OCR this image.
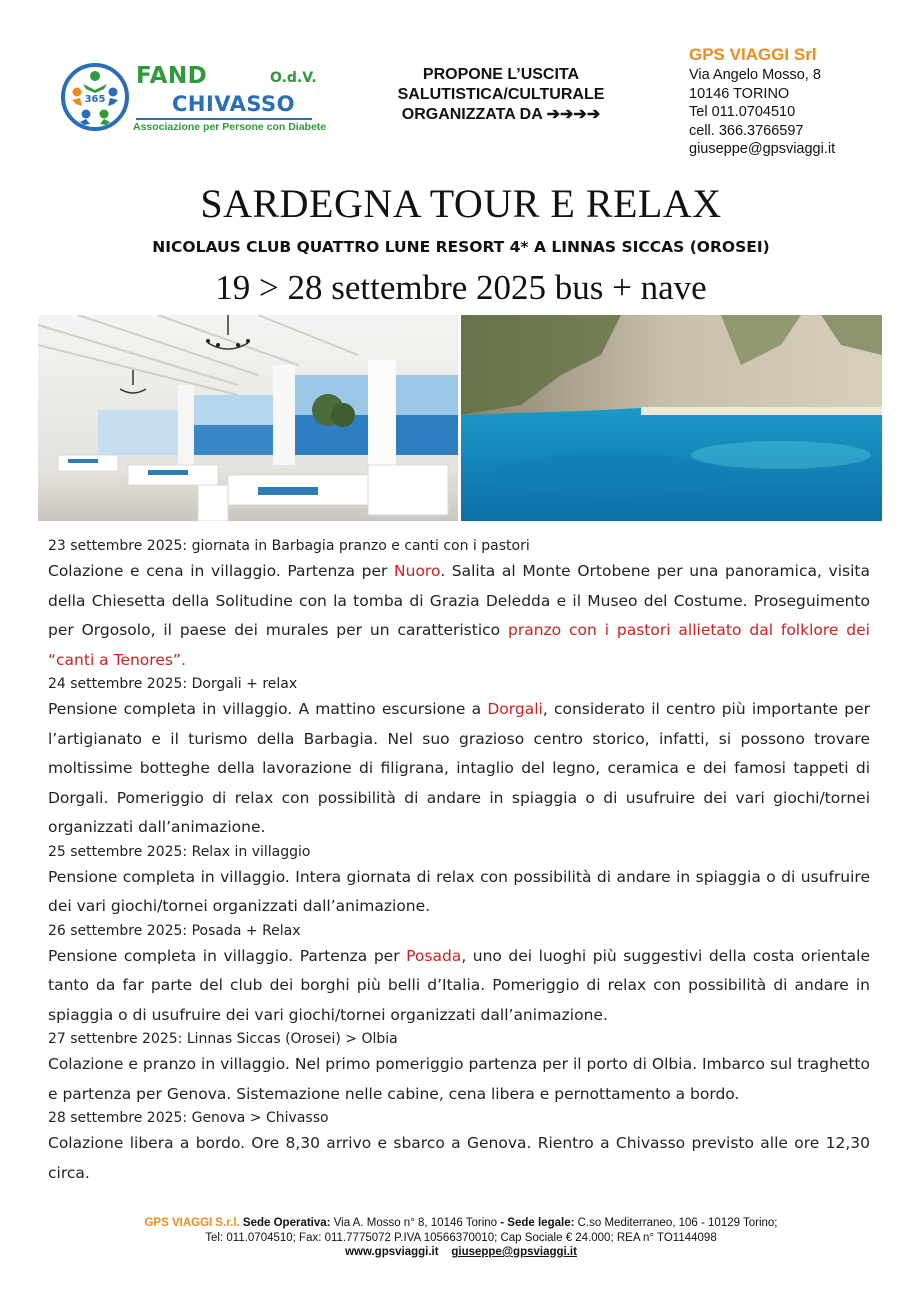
365
FAND	O.d.V.
CHIVASSO
Associazione per Persone con Diabete
PROPONE L’USCITA
SALUTISTICA/CULTURALE
ORGANIZZATA DA ➔➔➔➔
GPS VIAGGI Srl
Via Angelo Mosso, 8
10146 TORINO
Tel 011.0704510
cell. 366.3766597
giuseppe@gpsviaggi.it
SARDEGNA TOUR E RELAX
NICOLAUS CLUB QUATTRO LUNE RESORT 4* A LINNAS SICCAS (OROSEI)
19 > 28 settembre 2025 bus + nave

23 settembre 2025: giornata in Barbagia pranzo e canti con i pastori

Colazione e cena in villaggio. Partenza per Nuoro. Salita al Monte Ortobene per una panoramica, visita della Chiesetta della Solitudine con la tomba di Grazia Deledda e il Museo del Costume. Proseguimento per Orgosolo, il paese dei murales per un caratteristico pranzo con i pastori allietato dal folklore dei “canti a Tenores”.

24 settembre 2025: Dorgali + relax

Pensione completa in villaggio. A mattino escursione a Dorgali, considerato il centro più importante per l’artigianato e il turismo della Barbagia. Nel suo grazioso centro storico, infatti, si possono trovare moltissime botteghe della lavorazione di filigrana, intaglio del legno, ceramica e dei famosi tappeti di Dorgali. Pomeriggio di relax con possibilità di andare in spiaggia o di usufruire dei vari giochi/tornei organizzati dall’animazione.

25 settembre 2025: Relax in villaggio

Pensione completa in villaggio. Intera giornata di relax con possibilità di andare in spiaggia o di usufruire dei vari giochi/tornei organizzati dall’animazione.

26 settembre 2025: Posada + Relax

Pensione completa in villaggio. Partenza per Posada, uno dei luoghi più suggestivi della costa orientale tanto da far parte del club dei borghi più belli d’Italia. Pomeriggio di relax con possibilità di andare in spiaggia o di usufruire dei vari giochi/tornei organizzati dall’animazione.

27 settenbre 2025: Linnas Siccas (Orosei) > Olbia

Colazione e pranzo in villaggio. Nel primo pomeriggio partenza per il porto di Olbia. Imbarco sul traghetto e partenza per Genova. Sistemazione nelle cabine, cena libera e pernottamento a bordo.

28 settembre 2025: Genova > Chivasso

Colazione libera a bordo. Ore 8,30 arrivo e sbarco a Genova. Rientro a Chivasso previsto alle ore 12,30 circa.

GPS VIAGGI S.r.l. Sede Operativa: Via A. Mosso n° 8, 10146 Torino - Sede legale: C.so Mediterraneo, 106 - 10129 Torino;
Tel: 011.0704510; Fax: 011.7775072 P.IVA 10566370010; Cap Sociale € 24.000; REA n° TO1144098
www.gpsviaggi.it giuseppe@gpsviaggi.it
